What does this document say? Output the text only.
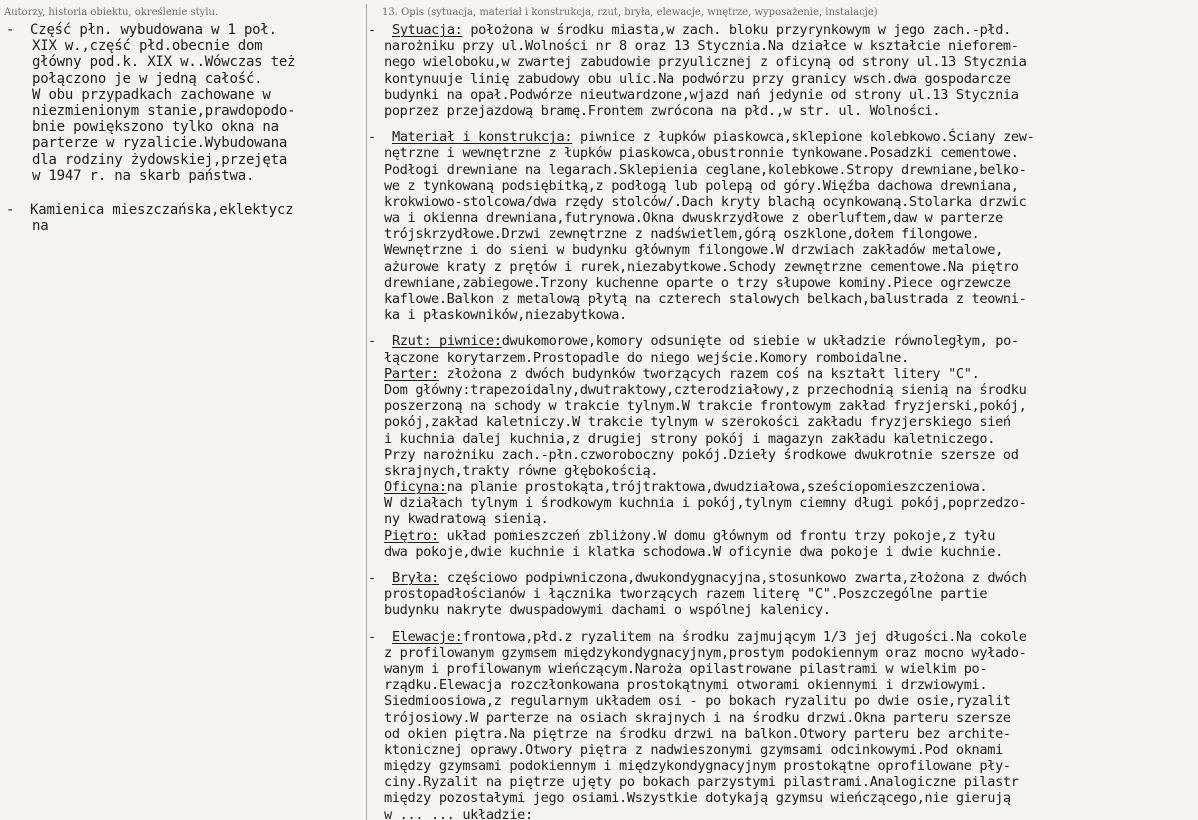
Autorzy, historia obiektu, określenie stylu.	13. Opis (sytuacja, materiał i konstrukcja, rzut, bryła, elewacje, wnętrze, wyposażenie, instalacje)
- Część płn. wybudowana w 1 poł.
XIX w.,część płd.obecnie dom
główny pod.k. XIX w..Wówczas też
połączono je w jedną całość.
W obu przypadkach zachowane w
niezmienionym stanie,prawdopodo-
bnie powiększono tylko okna na
parterze w ryzalicie.Wybudowana
dla rodziny żydowskiej,przejęta
w 1947 r. na skarb państwa.
- Kamienica mieszczańska,eklektycz
na
- Sytuacja: położona w środku miasta,w zach. bloku przyrynkowym w jego zach.-płd.
narożniku przy ul.Wolności nr 8 oraz 13 Stycznia.Na działce w kształcie nieforem-
nego wieloboku,w zwartej zabudowie przyulicznej z oficyną od strony ul.13 Stycznia
kontynuuje linię zabudowy obu ulic.Na podwórzu przy granicy wsch.dwa gospodarcze
budynki na opał.Podwórze nieutwardzone,wjazd nań jedynie od strony ul.13 Stycznia
poprzez przejazdową bramę.Frontem zwrócona na płd.,w str. ul. Wolności.
- Materiał i konstrukcja: piwnice z łupków piaskowca,sklepione kolebkowo.Ściany zew-
nętrzne i wewnętrzne z łupków piaskowca,obustronnie tynkowane.Posadzki cementowe.
Podłogi drewniane na legarach.Sklepienia ceglane,kolebkowe.Stropy drewniane,belko-
we z tynkowaną podsiębitką,z podłogą lub polepą od góry.Więźba dachowa drewniana,
krokwiowo-stolcowa/dwa rzędy stolców/.Dach kryty blachą ocynkowaną.Stolarka drzwic
wa i okienna drewniana,futrynowa.Okna dwuskrzydłowe z oberluftem,daw w parterze
trójskrzydłowe.Drzwi zewnętrzne z nadświetlem,górą oszklone,dołem filongowe.
Wewnętrzne i do sieni w budynku głównym filongowe.W drzwiach zakładów metalowe,
ażurowe kraty z prętów i rurek,niezabytkowe.Schody zewnętrzne cementowe.Na piętro
drewniane,zabiegowe.Trzony kuchenne oparte o trzy słupowe kominy.Piece ogrzewcze
kaflowe.Balkon z metalową płytą na czterech stalowych belkach,balustrada z teowni-
ka i płaskowników,niezabytkowa.
- Rzut: piwnice:dwukomorowe,komory odsunięte od siebie w układzie równoległym, po-
łączone korytarzem.Prostopadle do niego wejście.Komory romboidalne.
Parter: złożona z dwóch budynków tworzących razem coś na kształt litery "C".
Dom główny:trapezoidalny,dwutraktowy,czterodziałowy,z przechodnią sienią na środku
poszerzoną na schody w trakcie tylnym.W trakcie frontowym zakład fryzjerski,pokój,
pokój,zakład kaletniczy.W trakcie tylnym w szerokości zakładu fryzjerskiego sień
i kuchnia dalej kuchnia,z drugiej strony pokój i magazyn zakładu kaletniczego.
Przy narożniku zach.-płn.czworoboczny pokój.Dzieły środkowe dwukrotnie szersze od
skrajnych,trakty równe głębokością.
Oficyna:na planie prostokąta,trójtraktowa,dwudziałowa,sześciopomieszczeniowa.
W działach tylnym i środkowym kuchnia i pokój,tylnym ciemny długi pokój,poprzedzo-
ny kwadratową sienią.
Piętro: układ pomieszczeń zbliżony.W domu głównym od frontu trzy pokoje,z tyłu
dwa pokoje,dwie kuchnie i klatka schodowa.W oficynie dwa pokoje i dwie kuchnie.
- Bryła: częściowo podpiwniczona,dwukondygnacyjna,stosunkowo zwarta,złożona z dwóch
prostopadłościanów i łącznika tworzących razem literę "C".Poszczególne partie
budynku nakryte dwuspadowymi dachami o wspólnej kalenicy.
- Elewacje:frontowa,płd.z ryzalitem na środku zajmującym 1/3 jej długości.Na cokole
z profilowanym gzymsem międzykondygnacyjnym,prostym podokiennym oraz mocno wyłado-
wanym i profilowanym wieńczącym.Naroża opilastrowane pilastrami w wielkim po-
rządku.Elewacja rozczłonkowana prostokątnymi otworami okiennymi i drzwiowymi.
Siedmioosiowa,z regularnym układem osi - po bokach ryzalitu po dwie osie,ryzalit
trójosiowy.W parterze na osiach skrajnych i na środku drzwi.Okna parteru szersze
od okien piętra.Na piętrze na środku drzwi na balkon.Otwory parteru bez archite-
ktonicznej oprawy.Otwory piętra z nadwieszonymi gzymsami odcinkowymi.Pod oknami
między gzymsami podokiennym i międzykondygnacyjnym prostokątne oprofilowane pły-
ciny.Ryzalit na piętrze ujęty po bokach parzystymi pilastrami.Analogiczne pilastr
między pozostałymi jego osiami.Wszystkie dotykają gzymsu wieńczącego,nie gierują
w ... ... układzie:
